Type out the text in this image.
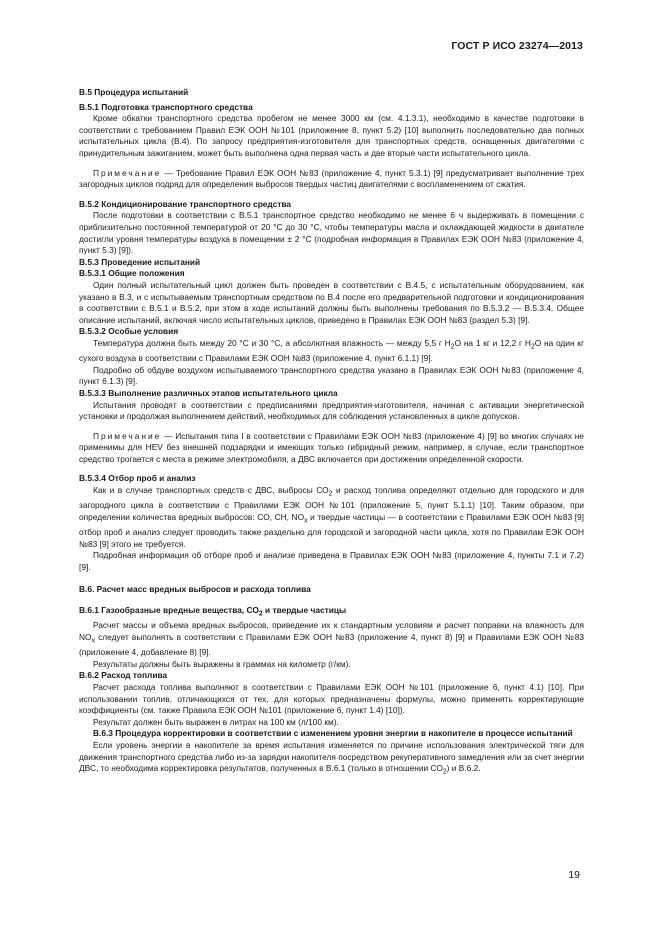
ГОСТ Р ИСО 23274—2013

В.5 Процедура испытаний

В.5.1 Подготовка транспортного средства

Кроме обкатки транспортного средства пробегом не менее 3000 км (см. 4.1.3.1), необходимо в качестве подготовки в соответствии с требованием Правил ЕЭК ООН №101 (приложение 8, пункт 5.2) [10] выполнить последовательно два полных испытательных цикла (В.4). По запросу предприятия-изготовителя для транспортных средств, оснащенных двигателями с принудительным зажиганием, может быть выполнена одна первая часть и две вторые части испытательного цикла.

Примечание — Требование Правил ЕЭК ООН №83 (приложение 4, пункт 5.3.1) [9] предусматривает выполнение трех загородных циклов подряд для определения выбросов твердых частиц двигателями с воспламенением от сжатия.

В.5.2 Кондиционирование транспортного средства

После подготовки в соответствии с В.5.1 транспортное средство необходимо не менее 6 ч выдерживать в помещении с приблизительно постоянной температурой от 20 °С до 30 °С, чтобы температуры масла и охлаждающей жидкости в двигателе достигли уровня температуры воздуха в помещении ± 2 °С (подробная информация в Правилах ЕЭК ООН №83 (приложение 4, пункт 5.3) [9]).

В.5.3 Проведение испытаний

В.5.3.1 Общие положения

Один полный испытательный цикл должен быть проведен в соответствии с В.4.5, с испытательным оборудованием, как указано в В.3, и с испытываемым транспортным средством по В.4 после его предварительной подготовки и кондиционирования в соответствии с В.5.1 и В.5.2, при этом в ходе испытаний должны быть выполнены требования по В.5.3.2 — В.5.3.4. Общее описание испытаний, включая число испытательных циклов, приведено в Правилах ЕЭК ООН №83 (раздел 5.3) [9].

В.5.3.2 Особые условия

Температура должна быть между 20 °С и 30 °С, а абсолютная влажность — между 5,5 г $Н_2О$ на 1 кг и 12,2 г $Н_2О$ на один кг сухого воздуха в соответствии с Правилами ЕЭК ООН №83 (приложение 4, пункт 6.1.1) [9].

Подробно об обдуве воздухом испытываемого транспортного средства указано в Правилах ЕЭК ООН №83 (приложение 4, пункт 6.1.3) [9].

В.5.3.3 Выполнение различных этапов испытательного цикла

Испытания проводят в соответствии с предписаниями предприятия-изготовителя, начиная с активации энергетической установки и продолжая выполнением действий, необходимых для соблюдения установленных в цикле допусков.

Примечание — Испытания типа I в соответствии с Правилами ЕЭК ООН №83 (приложение 4) [9] во многих случаях не применимы для HEV без внешней подзарядки и имеющих только гибридный режим, например, в случае, если транспортное средство трогается с места в режиме электромобиля, а ДВС включается при достижении определенной скорости.

В.5.3.4 Отбор проб и анализ

Как и в случае транспортных средств с ДВС, выбросы $СО_2$ и расход топлива определяют отдельно для городского и для загородного цикла в соответствии с Правилами ЕЭК ООН №101 (приложение 5, пункт 5.1.1) [10]. Таким образом, при определении количества вредных выбросов: CO, CH, $NO_x$ и твердые частицы — в соответствии с Правилами ЕЭК ООН №83 [9] отбор проб и анализ следует проводить также раздельно для городской и загородной части цикла, хотя по Правилам ЕЭК ООН №83 [9] этого не требуется.

Подробная информация об отборе проб и анализе приведена в Правилах ЕЭК ООН №83 (приложение 4, пункты 7.1 и 7.2) [9].

В.6. Расчет масс вредных выбросов и расхода топлива

В.6.1 Газообразные вредные вещества, $СО_2$ и твердые частицы

Расчет массы и объема вредных выбросов, приведение их к стандартным условиям и расчет поправки на влажность для $NO_x$ следует выполнять в соответствии с Правилами ЕЭК ООН №83 (приложение 4, пункт 8) [9] и Правилами ЕЭК ООН №83 (приложение 4, добавление 8) [9].

Результаты должны быть выражены в граммах на километр (г/км).

В.6.2 Расход топлива

Расчет расхода топлива выполняют в соответствии с Правилами ЕЭК ООН №101 (приложение 6, пункт 4.1) [10]. При использовании топлив, отличающихся от тех, для которых предназначены формулы, можно применять корректирующие коэффициенты (см. также Правила ЕЭК ООН №101 (приложение 6, пункт 1.4) [10]).

Результат должен быть выражен в литрах на 100 км (л/100 км).

В.6.3 Процедура корректировки в соответствии с изменением уровня энергии в накопителе в процессе испытаний

Если уровень энергии в накопителе за время испытания изменяется по причине использования электрической тяги для движения транспортного средства либо из-за зарядки накопителя посредством рекуперативного замедления или за счет энергии ДВС, то необходима корректировка результатов, полученных в В.6.1 (только в отношении $СО_2$) и В.6.2.

19
